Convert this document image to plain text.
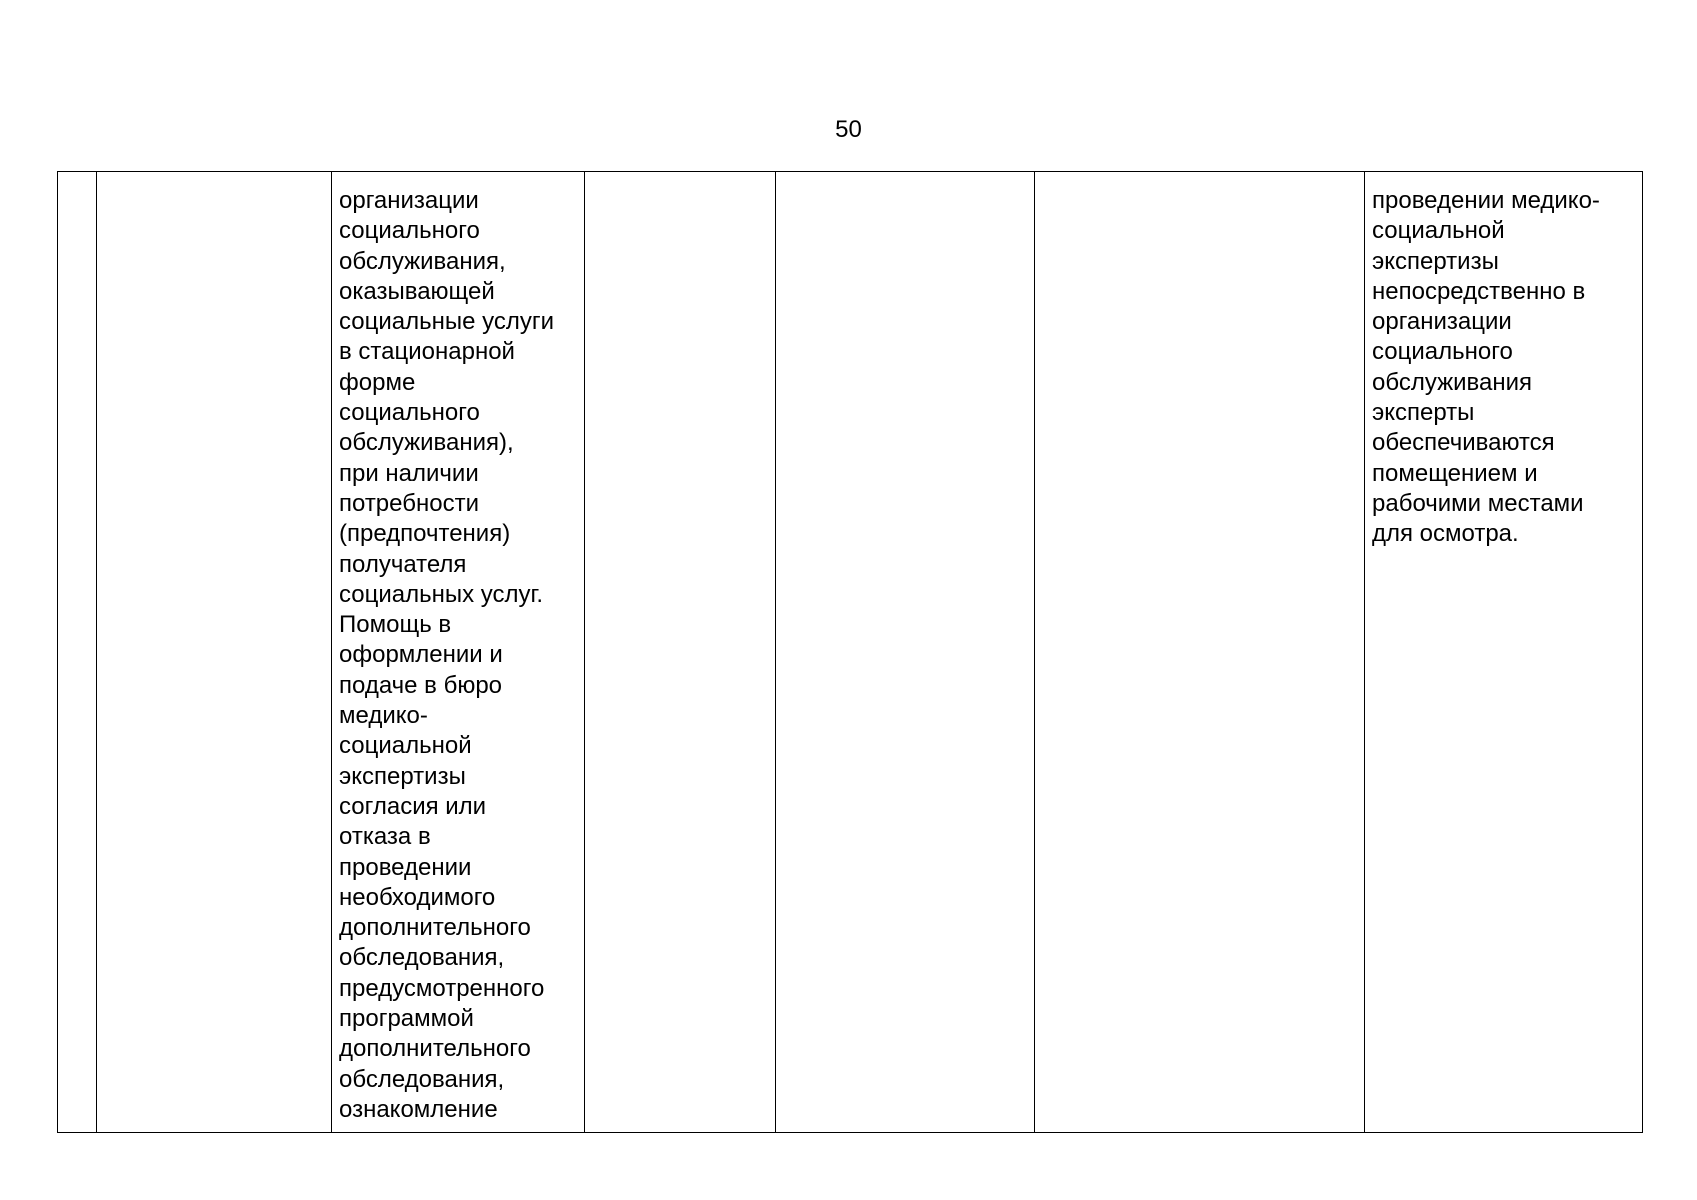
50
		организации
социального
обслуживания,
оказывающей
социальные услуги
в стационарной
форме
социального
обслуживания),
при наличии
потребности
(предпочтения)
получателя
социальных услуг.
Помощь в
оформлении и
подаче в бюро
медико-
социальной
экспертизы
согласия или
отказа в
проведении
необходимого
дополнительного
обследования,
предусмотренного
программой
дополнительного
обследования,
ознакомление				проведении медико-
социальной
экспертизы
непосредственно в
организации
социального
обслуживания
эксперты
обеспечиваются
помещением и
рабочими местами
для осмотра.
